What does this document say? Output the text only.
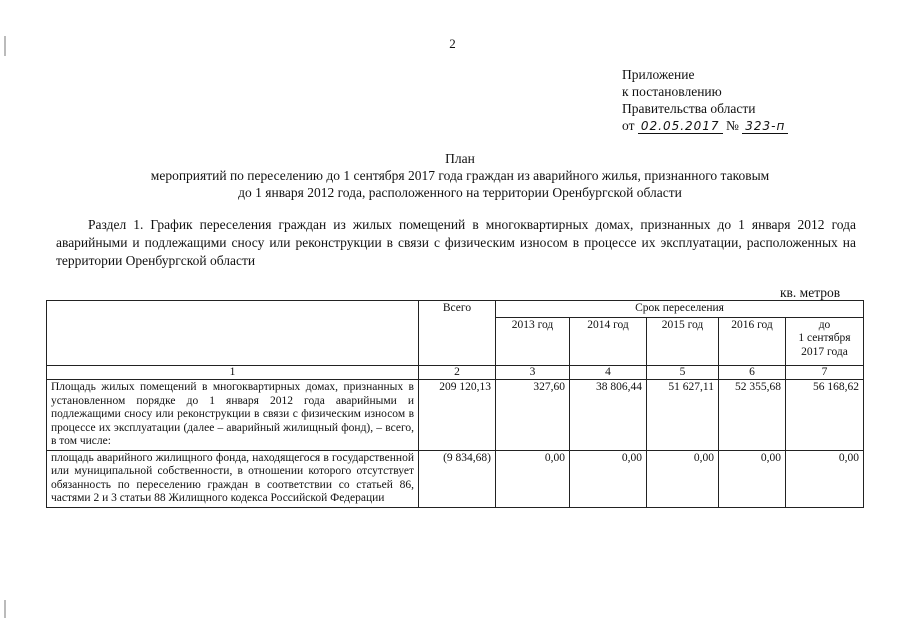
2
Приложение
к постановлению
Правительства области
от 02.05.2017 № 323-п
План
мероприятий по переселению до 1 сентября 2017 года граждан из аварийного жилья, признанного таковым
до 1 января 2012 года, расположенного на территории Оренбургской области
Раздел 1. График переселения граждан из жилых помещений в многоквартирных домах, признанных до 1 января 2012 года аварийными и подлежащими сносу или реконструкции в связи с физическим износом в процессе их эксплуатации, расположенных на территории Оренбургской области
кв. метров
	Всего	Срок переселения				
		2013 год	2014 год	2015 год	2016 год	до
1 сентября
2017 года

1	2	3	4	5	6	7
Площадь жилых помещений в многоквартирных домах, признанных в установленном порядке до 1 января 2012 года аварийными и подлежащими сносу или реконструкции в связи с физическим износом в процессе их эксплуатации (далее – аварийный жилищный фонд), – всего, в том числе:	209 120,13	327,60	38 806,44	51 627,11	52 355,68	56 168,62
площадь аварийного жилищного фонда, находящегося в государственной или муниципальной собственности, в отношении которого отсутствует обязанность по переселению граждан в соответствии со статьей 86, частями 2 и 3 статьи 88 Жилищного кодекса Российской Федерации	(9 834,68)	0,00	0,00	0,00	0,00	0,00
